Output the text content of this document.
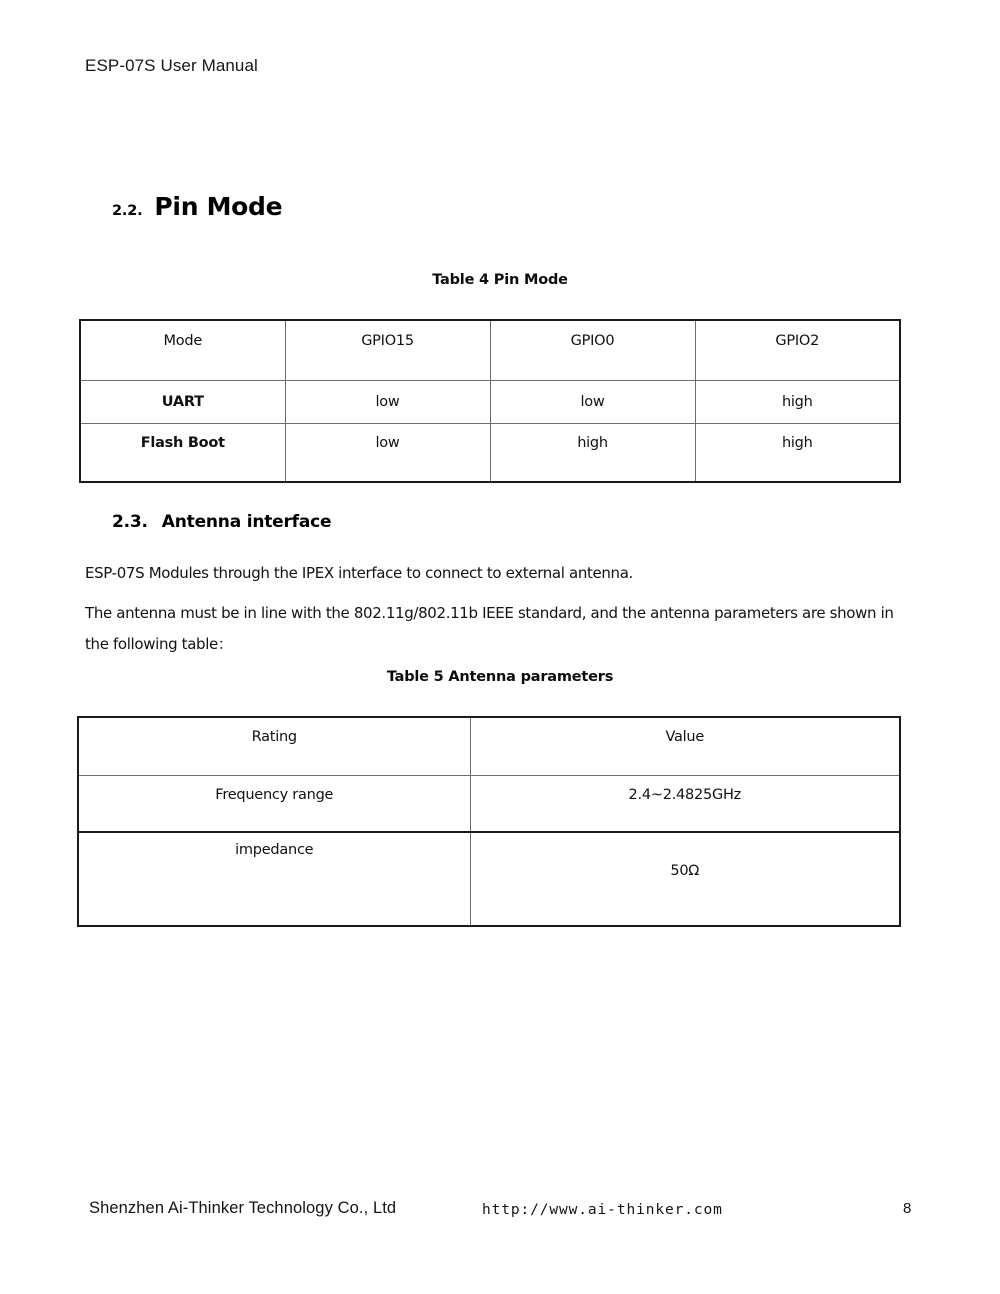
ESP-07S User Manual
2.2. Pin Mode
Table 4 Pin Mode
Mode	GPIO15	GPIO0	GPIO2
UART	low	low	high
Flash Boot	low	high	high
2.3. Antenna interface
ESP-07S Modules through the IPEX interface to connect to external antenna.
The antenna must be in line with the 802.11g/802.11b IEEE standard, and the antenna parameters are shown in the following table：
Table 5 Antenna parameters
Rating	Value
Frequency range	2.4~2.4825GHz
impedance	50Ω
Shenzhen Ai-Thinker Technology Co., Ltd	http://www.ai-thinker.com	8
